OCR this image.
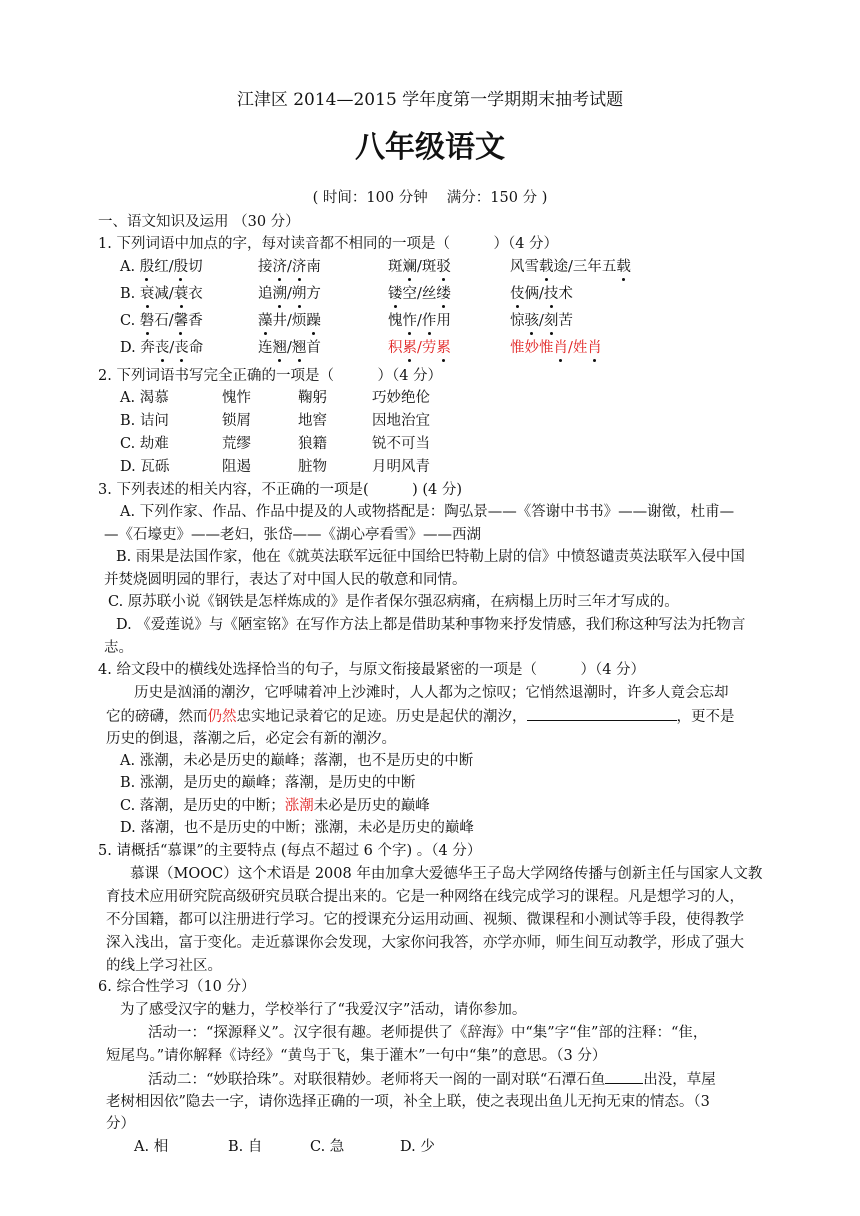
江津区 2014—2015 学年度第一学期期末抽考试题
八年级语文
( 时间：100 分钟　 满分：150 分 )
一、语文知识及运用 （30 分）
1. 下列词语中加点的字，每对读音都不相同的一项是（　　　）（4 分）
A. 殷红/殷切	接济/济南	斑斓/斑驳	风雪载途/三年五载
B. 衰减/蓑衣	追溯/朔方	镂空/丝缕	伎俩/技术
C. 磐石/馨香	藻井/烦躁	愧怍/作用	惊骇/刻苦
D. 奔丧/丧命	连翘/翘首	积累/劳累	惟妙惟肖/姓肖
2. 下列词语书写完全正确的一项是（　　　）（4 分）
A. 渴慕	愧怍	鞠躬	巧妙绝伦
B. 诘问	锁屑	地窖	因地治宜
C. 劫难	荒缪	狼籍	锐不可当
D. 瓦砾	阻遏	脏物	月明风青
3. 下列表述的相关内容，不正确的一项是(　　　) (4 分)
A. 下列作家、作品、作品中提及的人或物搭配是：陶弘景——《答谢中书书》——谢徵，杜甫—
—《石壕吏》——老妇，张岱——《湖心亭看雪》——西湖
B. 雨果是法国作家，他在《就英法联军远征中国给巴特勒上尉的信》中愤怒谴责英法联军入侵中国
并焚烧圆明园的罪行，表达了对中国人民的敬意和同情。
C. 原苏联小说《钢铁是怎样炼成的》是作者保尔强忍病痛，在病榻上历时三年才写成的。
D. 《爱莲说》与《陋室铭》在写作方法上都是借助某种事物来抒发情感，我们称这种写法为托物言
志。
4. 给文段中的横线处选择恰当的句子，与原文衔接最紧密的一项是（　　　）（4 分）
历史是汹涌的潮汐，它呼啸着冲上沙滩时，人人都为之惊叹；它悄然退潮时，许多人竟会忘却
它的磅礴，然而仍然忠实地记录着它的足迹。历史是起伏的潮汐，	，更不是
历史的倒退，落潮之后，必定会有新的潮汐。
A. 涨潮，未必是历史的巅峰；落潮，也不是历史的中断
B. 涨潮，是历史的巅峰；落潮，是历史的中断
C. 落潮，是历史的中断；涨潮未必是历史的巅峰
D. 落潮，也不是历史的中断；涨潮，未必是历史的巅峰
5. 请概括“慕课”的主要特点 (每点不超过 6 个字) 。（4 分）
慕课（MOOC）这个术语是 2008 年由加拿大爱德华王子岛大学网络传播与创新主任与国家人文教
育技术应用研究院高级研究员联合提出来的。它是一种网络在线完成学习的课程。凡是想学习的人，
不分国籍，都可以注册进行学习。它的授课充分运用动画、视频、微课程和小测试等手段，使得教学
深入浅出，富于变化。走近慕课你会发现，大家你问我答，亦学亦师，师生间互动教学，形成了强大
的线上学习社区。
6. 综合性学习（10 分）
为了感受汉字的魅力，学校举行了“我爱汉字”活动，请你参加。
活动一：“探源释义”。汉字很有趣。老师提供了《辞海》中“集”字“隹”部的注释：“隹，
短尾鸟。”请你解释《诗经》“黄鸟于飞，集于灌木”一句中“集”的意思。（3 分）
活动二：“妙联拾珠”。对联很精妙。老师将天一阁的一副对联“石潭石鱼	出没，草屋
老树相因依”隐去一字，请你选择正确的一项，补全上联，使之表现出鱼儿无拘无束的情态。（3
分）
A. 相	B. 自	C. 急	D. 少
